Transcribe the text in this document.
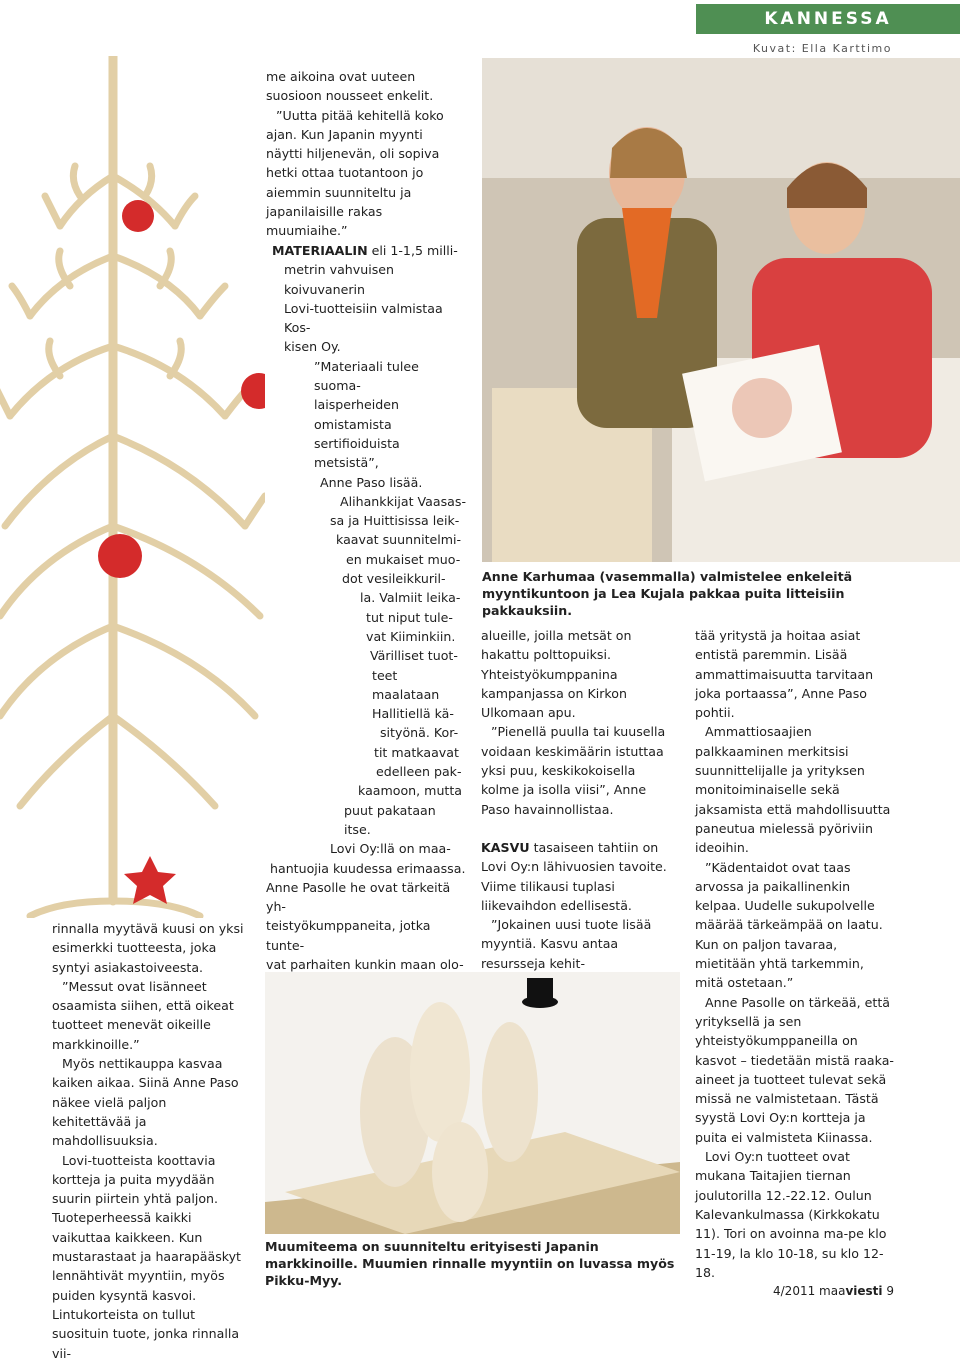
KANNESSA
Kuvat: Ella Karttimo

rinnalla myytävä kuusi on yksi esimerkki tuotteesta, joka syntyi asiakastoiveesta.

”Messut ovat lisänneet osaamista siihen, että oikeat tuotteet menevät oikeille markkinoille.”

Myös nettikauppa kasvaa kaiken aikaa. Siinä Anne Paso näkee vielä paljon kehitettävää ja mahdollisuuksia.

Lovi-tuotteista koottavia kortteja ja puita myydään suurin piirtein yhtä paljon. Tuoteperheessä kaikki vaikuttaa kaikkeen. Kun mustarastaat ja haarapääskyt lennähtivät myyntiin, myös puiden kysyntä kasvoi. Lintukorteista on tullut suosituin tuote, jonka rinnalla vii-

me aikoina ovat uuteen suosioon nousseet enkelit.

”Uutta pitää kehitellä koko ajan. Kun Japanin myynti näytti hiljenevän, oli sopiva hetki ottaa tuotantoon jo aiemmin suunniteltu ja japanilaisille rakas muumiaihe.”

MATERIAALIN eli 1-1,5 milli-
metrin vahvuisen koivuvanerin
Lovi-tuotteisiin valmistaa Kos-
kisen Oy.
”Materiaali tulee suoma-
laisperheiden omistamista
sertifioiduista metsistä”,
Anne Paso lisää.
Alihankkijat Vaasas-
sa ja Huittisissa leik-
kaavat suunnitelmi-
en mukaiset muo-
dot vesileikkuril-
la. Valmiit leika-
tut niput tule-
vat Kiiminkiin.
Värilliset tuot-
teet maalataan
Hallitiellä kä-
sityönä. Kor-
tit matkaavat
edelleen pak-
kaamoon, mutta
puut pakataan itse.
Lovi Oy:llä on maa-
hantuojia kuudessa erimaassa.
Anne Pasolle he ovat tärkeitä yh-
teistyökumppaneita, jotka tunte-
vat parhaiten kunkin maan olo-
Anne Karhumaa (vasemmalla) valmistelee enkeleitä myyntikuntoon ja Lea Kujala pakkaa puita litteisiin pakkauksiin.

alueille, joilla metsät on hakattu polttopuiksi. Yhteistyökumppanina kampanjassa on Kirkon Ulkomaan apu.

”Pienellä puulla tai kuusella voidaan keskimäärin istuttaa yksi puu, keskikokoisella kolme ja isolla viisi”, Anne Paso havainnollistaa.

KASVU tasaiseen tahtiin on Lovi Oy:n lähivuosien tavoite. Viime tilikausi tuplasi liikevaihdon edellisestä.

”Jokainen uusi tuote lisää myyntiä. Kasvu antaa resursseja kehit-

tää yritystä ja hoitaa asiat entistä paremmin. Lisää ammattimaisuutta tarvitaan joka portaassa”, Anne Paso pohtii.

Ammattiosaajien palkkaaminen merkitsisi suunnittelijalle ja yrityksen monitoiminaiselle sekä jaksamista että mahdollisuutta paneutua mielessä pyöriviin ideoihin.

”Kädentaidot ovat taas arvossa ja paikallinenkin kelpaa. Uudelle sukupolvelle määrää tärkeämpää on laatu. Kun on paljon tavaraa, mietitään yhtä tarkemmin, mitä ostetaan.”

Anne Pasolle on tärkeää, että yrityksellä ja sen yhteistyökumppaneilla on kasvot – tiedetään mistä raaka-aineet ja tuotteet tulevat sekä missä ne valmistetaan. Tästä syystä Lovi Oy:n kortteja ja puita ei valmisteta Kiinassa.

Lovi Oy:n tuotteet ovat mukana Taitajien tiernan joulutorilla 12.-22.12. Oulun Kalevankulmassa (Kirkkokatu 11). Tori on avoinna ma-pe klo 11-19, la klo 10-18, su klo 12-18.

Muumiteema on suunniteltu erityisesti Japanin markkinoille. Muumien rinnalle myyntiin on luvassa myös Pikku-Myy.
4/2011 maaviesti 9
